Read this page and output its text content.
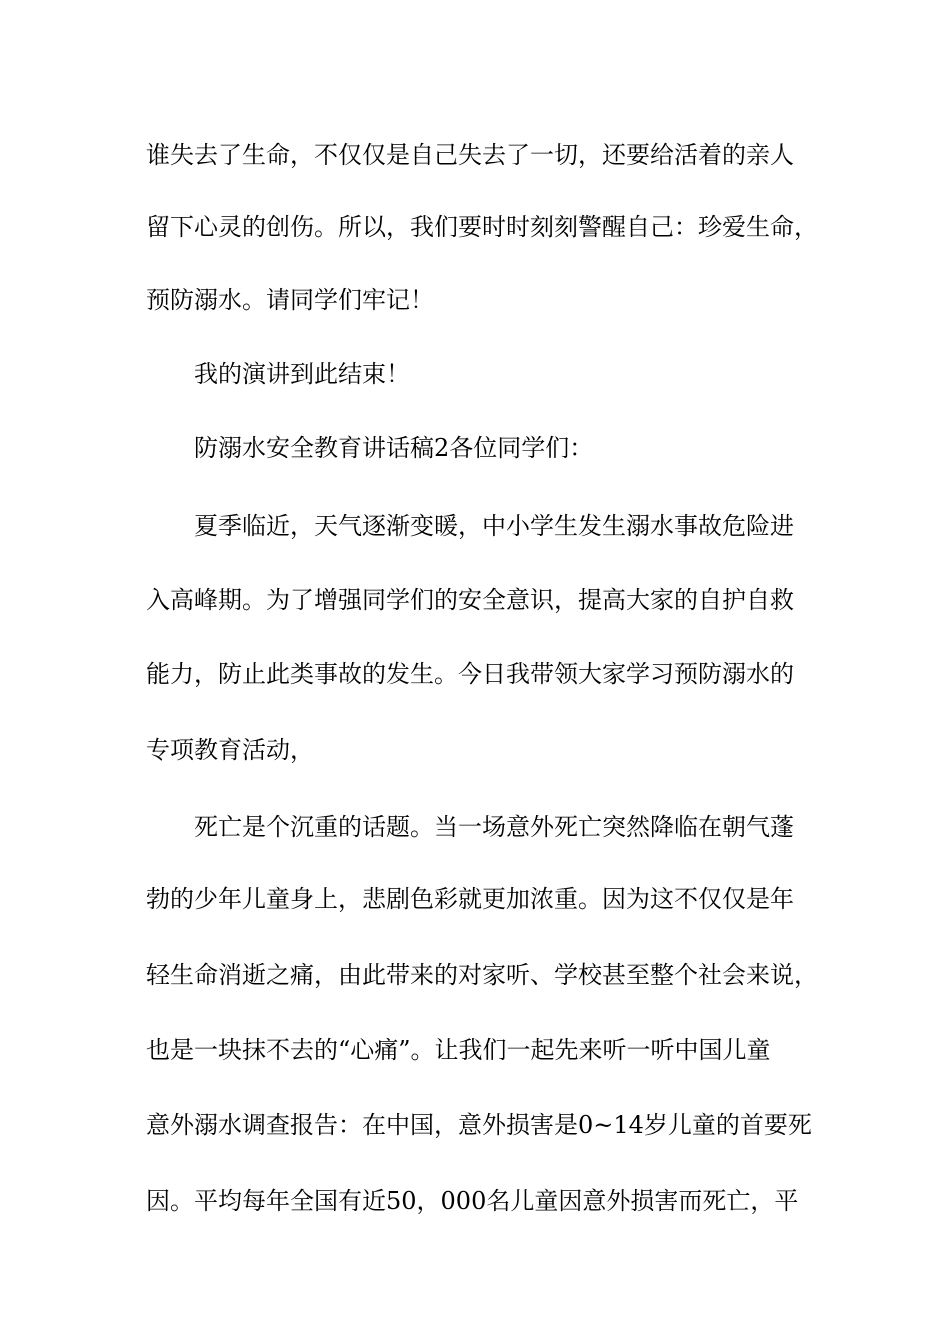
谁失去了生命，不仅仅是自己失去了一切，还要给活着的亲人
留下心灵的创伤。所以，我们要时时刻刻警醒自己：珍爱生命，
预防溺水。请同学们牢记！
我的演讲到此结束！
防溺水安全教育讲话稿2各位同学们：
夏季临近，天气逐渐变暖，中小学生发生溺水事故危险进
入高峰期。为了增强同学们的安全意识，提高大家的自护自救
能力，防止此类事故的发生。今日我带领大家学习预防溺水的
专项教育活动，
死亡是个沉重的话题。当一场意外死亡突然降临在朝气蓬
勃的少年儿童身上，悲剧色彩就更加浓重。因为这不仅仅是年
轻生命消逝之痛，由此带来的对家听、学校甚至整个社会来说，
也是一块抹不去的“心痛”。让我们一起先来听一听中国儿童
意外溺水调查报告：在中国，意外损害是0~14岁儿童的首要死
因。平均每年全国有近50，000名儿童因意外损害而死亡，平
